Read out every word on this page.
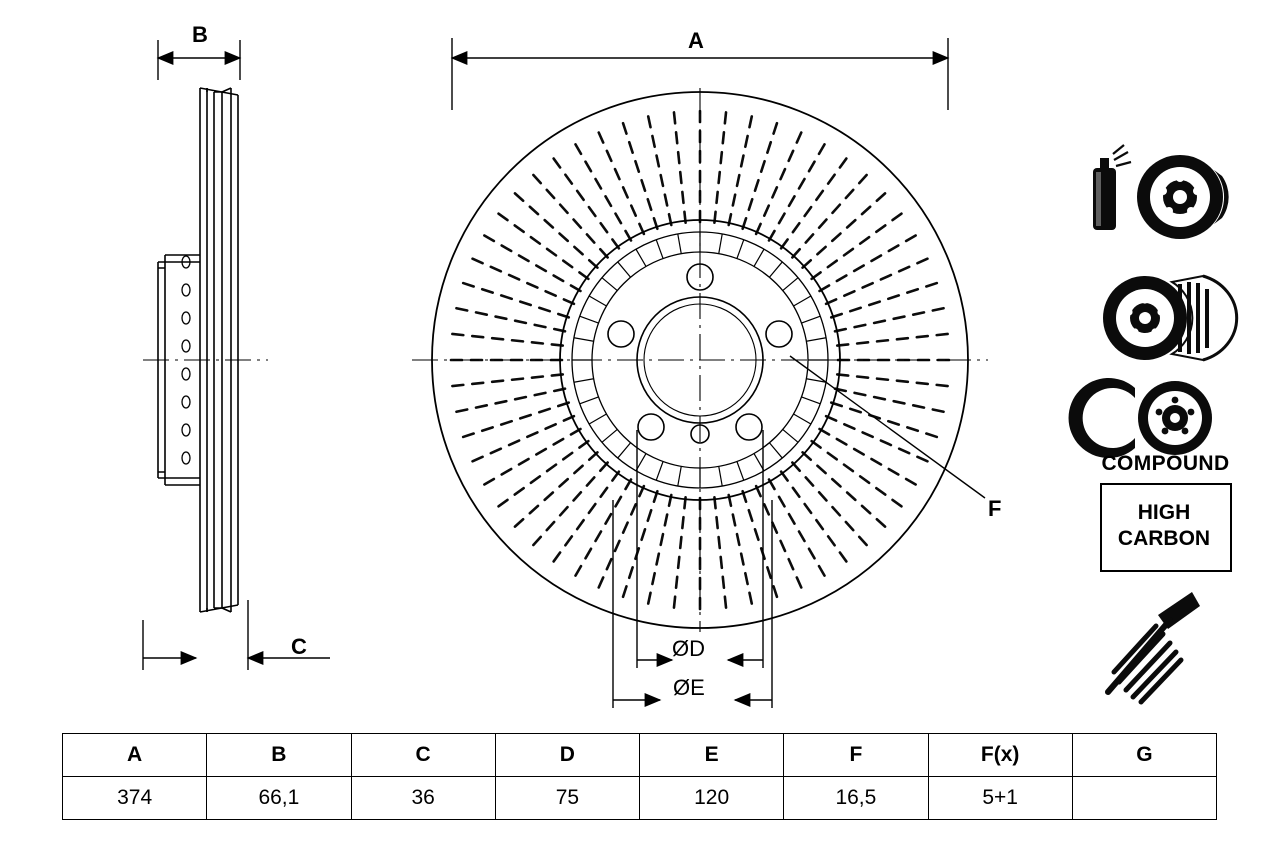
B
C
A
F
ØD
ØE
COMPOUND
HIGH
CARBON
A	B	C	D	E	F	F(x)	G
374	66,1	36	75	120	16,5	5+1	
